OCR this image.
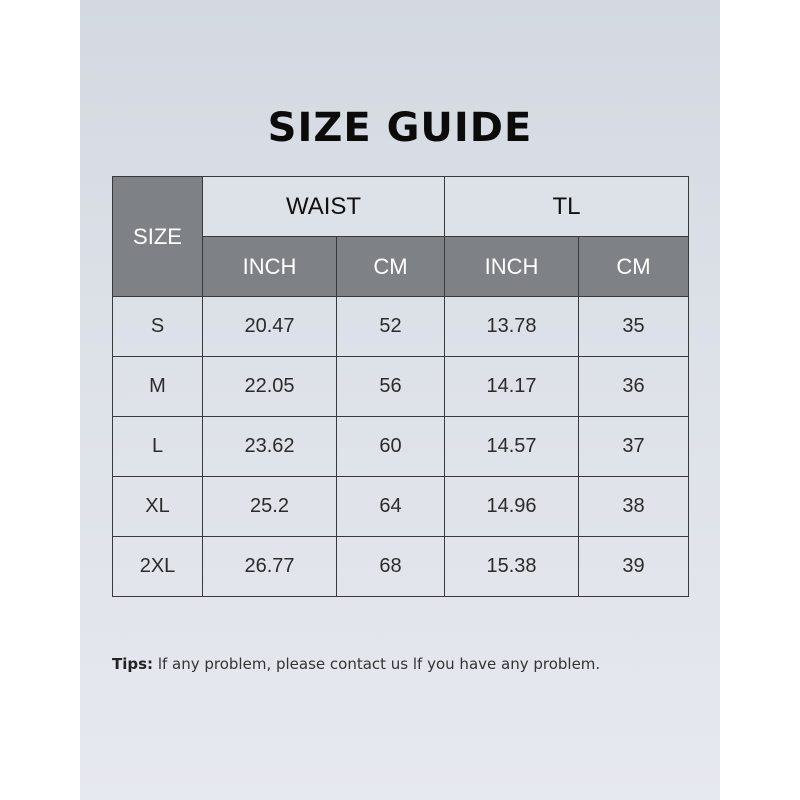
SIZE GUIDE
SIZE	WAIST		TL	
	INCH	CM	INCH	CM
S	20.47	52	13.78	35
M	22.05	56	14.17	36
L	23.62	60	14.57	37
XL	25.2	64	14.96	38
2XL	26.77	68	15.38	39
Tips: lf any problem, please contact us lf you have any problem.
